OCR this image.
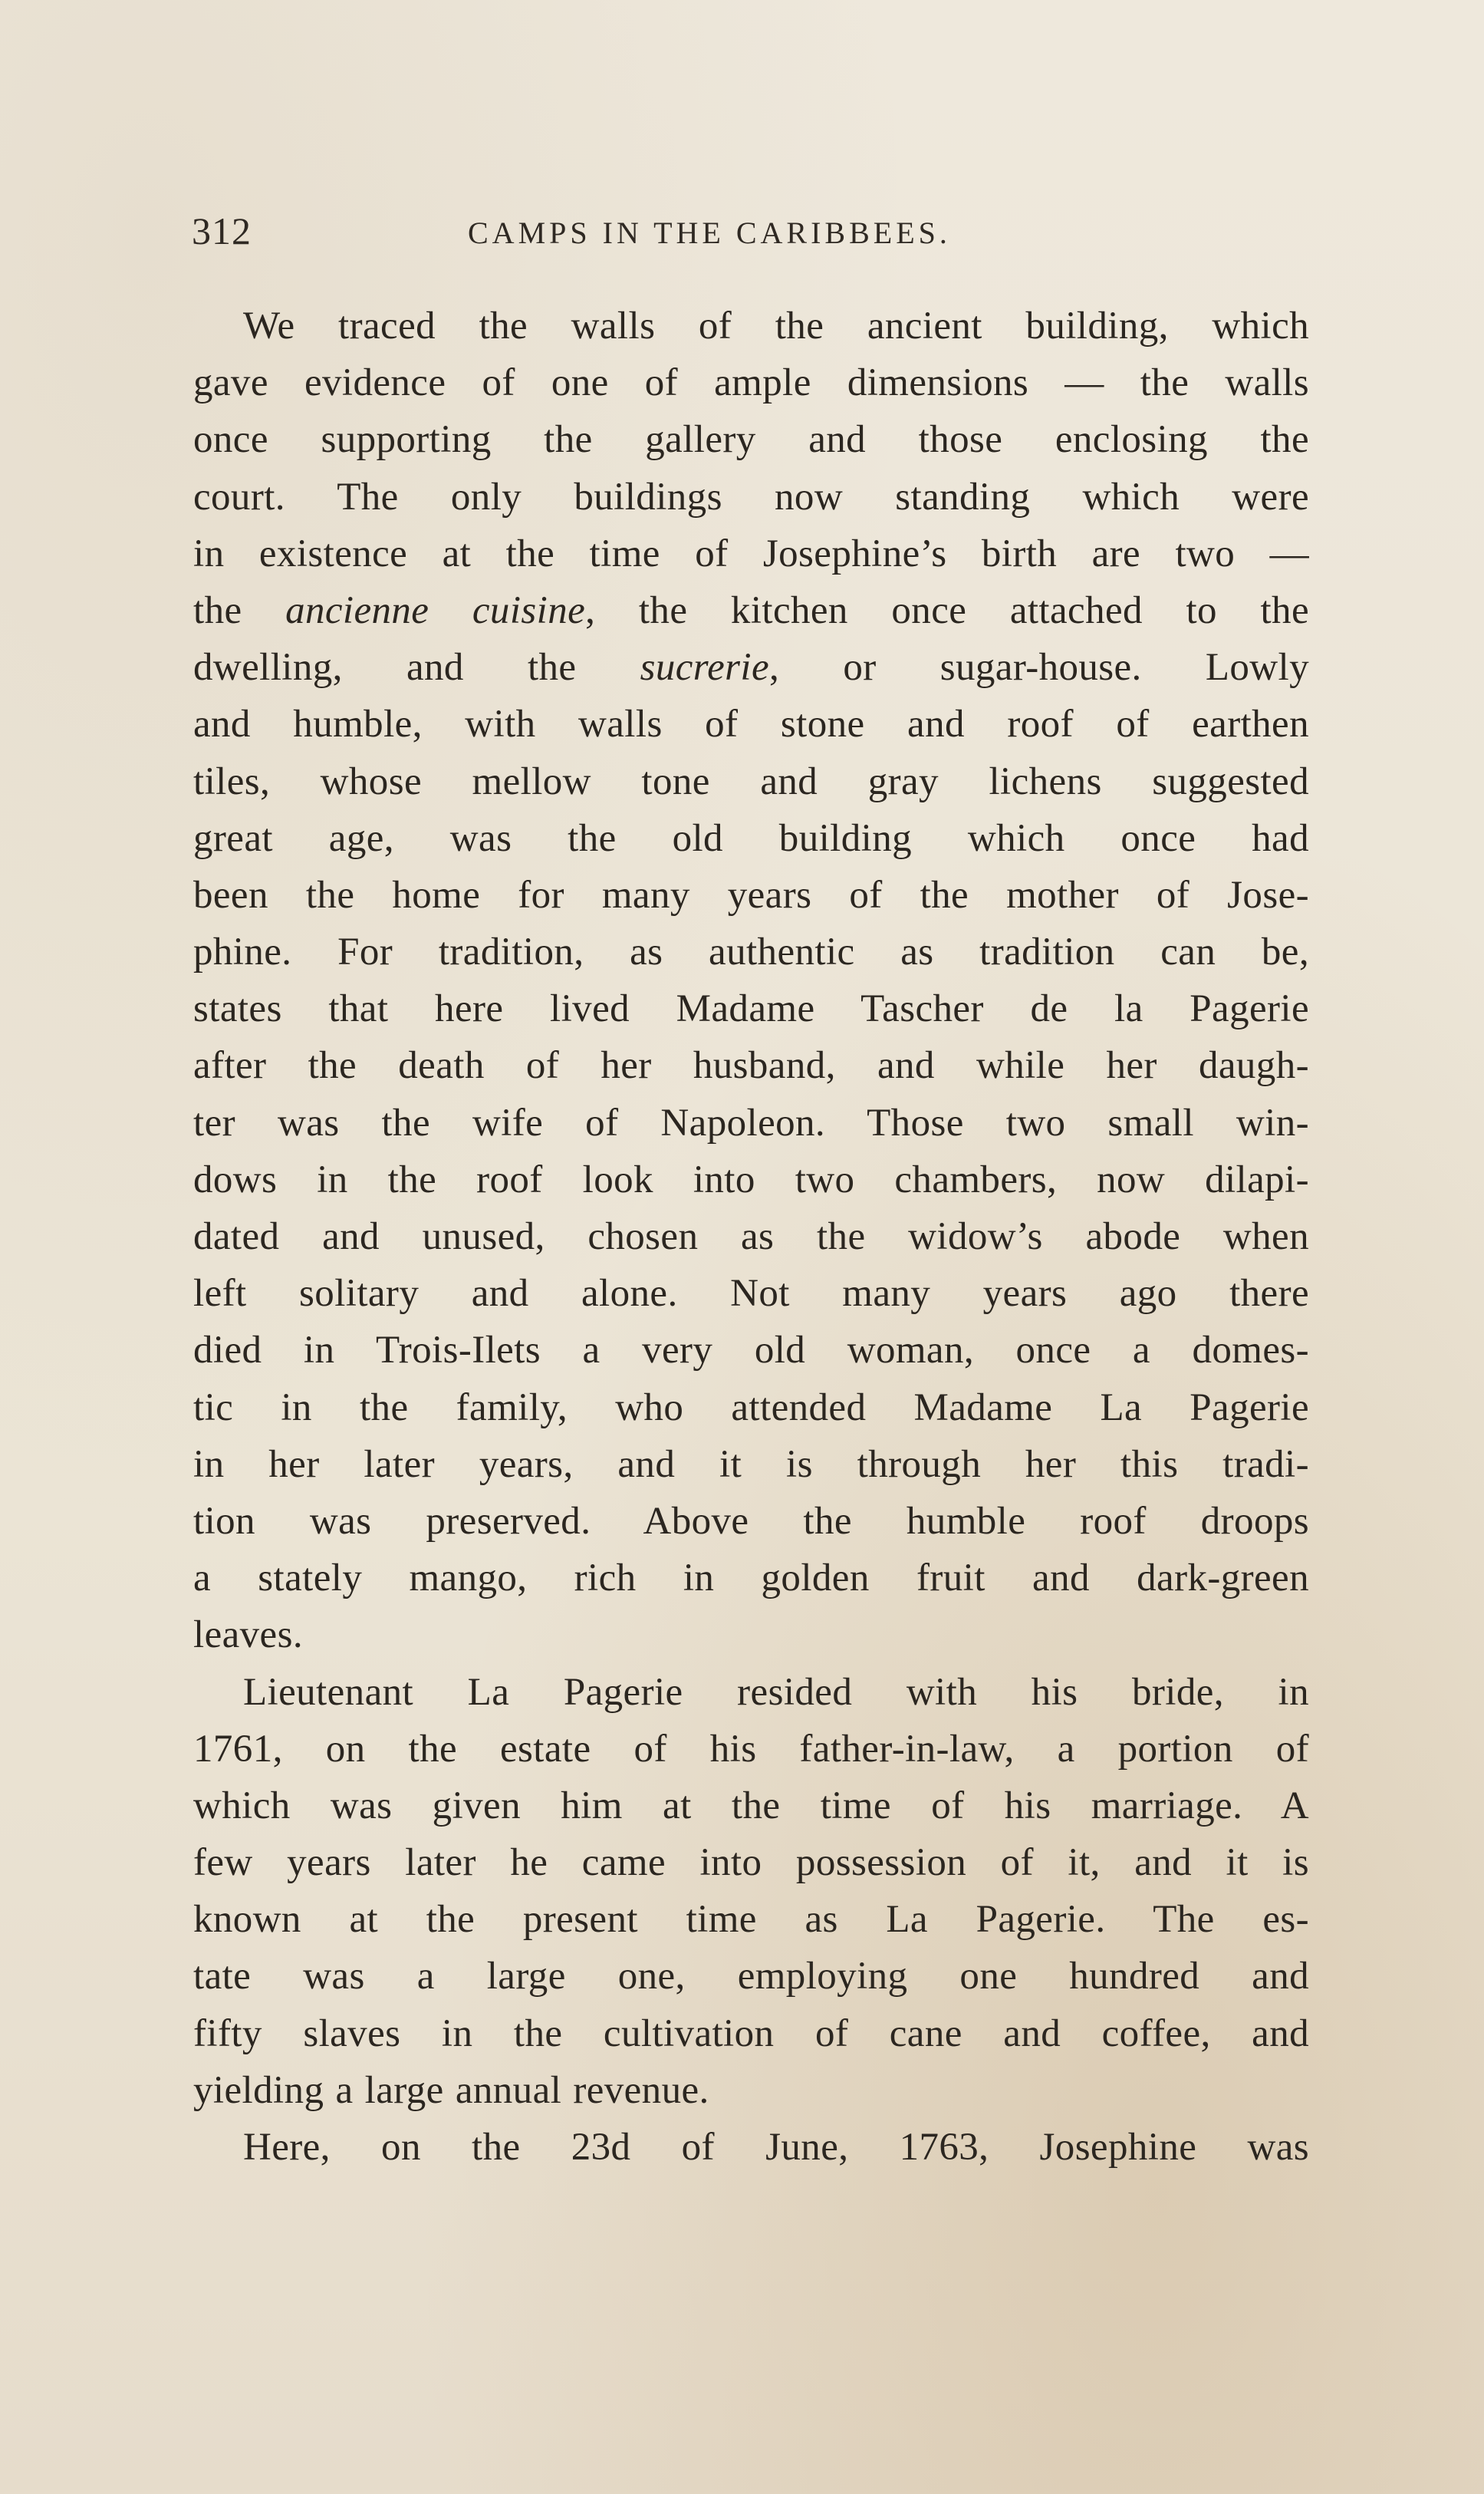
312	CAMPS IN THE CARIBBEES.
We traced the walls of the ancient building, which
gave evidence of one of ample dimensions — the walls
once supporting the gallery and those enclosing the
court. The only buildings now standing which were
in existence at the time of Josephine’s birth are two —
the ancienne cuisine, the kitchen once attached to the
dwelling, and the sucrerie, or sugar-house. Lowly
and humble, with walls of stone and roof of earthen
tiles, whose mellow tone and gray lichens suggested
great age, was the old building which once had
been the home for many years of the mother of Jose-
phine. For tradition, as authentic as tradition can be,
states that here lived Madame Tascher de la Pagerie
after the death of her husband, and while her daugh-
ter was the wife of Napoleon. Those two small win-
dows in the roof look into two chambers, now dilapi-
dated and unused, chosen as the widow’s abode when
left solitary and alone. Not many years ago there
died in Trois-Ilets a very old woman, once a domes-
tic in the family, who attended Madame La Pagerie
in her later years, and it is through her this tradi-
tion was preserved. Above the humble roof droops
a stately mango, rich in golden fruit and dark-green
leaves.
Lieutenant La Pagerie resided with his bride, in
1761, on the estate of his father-in-law, a portion of
which was given him at the time of his marriage. A
few years later he came into possession of it, and it is
known at the present time as La Pagerie. The es-
tate was a large one, employing one hundred and
fifty slaves in the cultivation of cane and coffee, and
yielding a large annual revenue.
Here, on the 23d of June, 1763, Josephine was
